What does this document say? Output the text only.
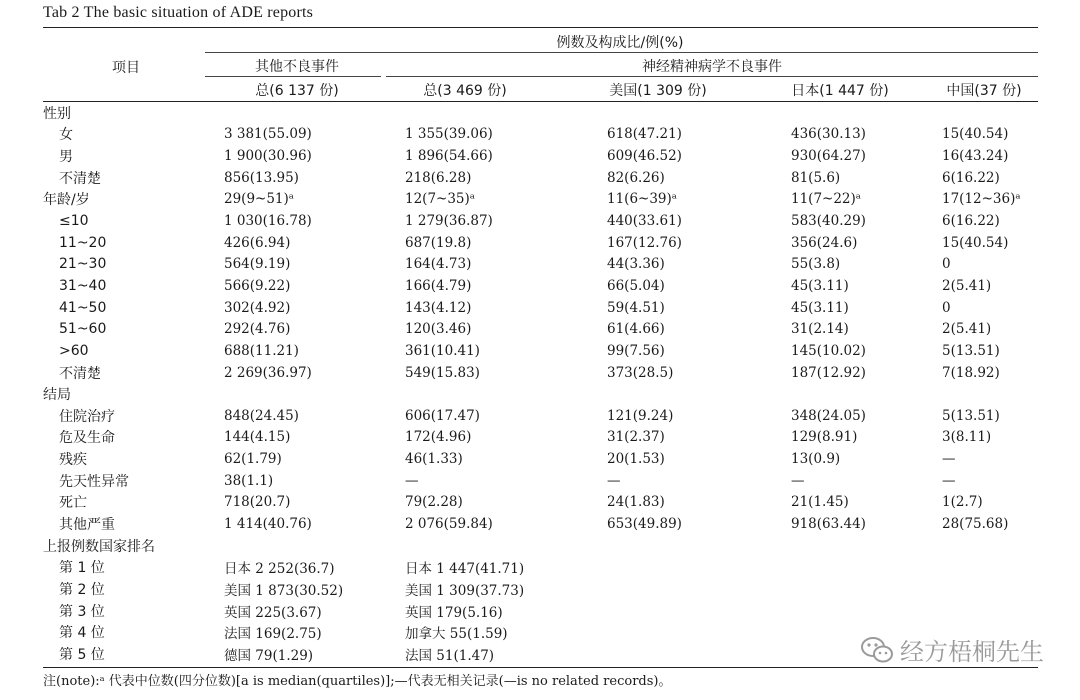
Tab 2 The basic situation of ADE reports
项目
例数及构成比/例(%)
其他不良事件	神经精神病学不良事件
总(6 137 份)	总(3 469 份)	美国(1 309 份)	日本(1 447 份)	中国(37 份)
性别					
女	3 381(55.09)	1 355(39.06)	618(47.21)	436(30.13)	15(40.54)
男	1 900(30.96)	1 896(54.66)	609(46.52)	930(64.27)	16(43.24)
不清楚	856(13.95)	218(6.28)	82(6.26)	81(5.6)	6(16.22)
年龄/岁	29(9~51)ᵃ	12(7~35)ᵃ	11(6~39)ᵃ	11(7~22)ᵃ	17(12~36)ᵃ
≤10	1 030(16.78)	1 279(36.87)	440(33.61)	583(40.29)	6(16.22)
11~20	426(6.94)	687(19.8)	167(12.76)	356(24.6)	15(40.54)
21~30	564(9.19)	164(4.73)	44(3.36)	55(3.8)	0
31~40	566(9.22)	166(4.79)	66(5.04)	45(3.11)	2(5.41)
41~50	302(4.92)	143(4.12)	59(4.51)	45(3.11)	0
51~60	292(4.76)	120(3.46)	61(4.66)	31(2.14)	2(5.41)
>60	688(11.21)	361(10.41)	99(7.56)	145(10.02)	5(13.51)
不清楚	2 269(36.97)	549(15.83)	373(28.5)	187(12.92)	7(18.92)
结局					
住院治疗	848(24.45)	606(17.47)	121(9.24)	348(24.05)	5(13.51)
危及生命	144(4.15)	172(4.96)	31(2.37)	129(8.91)	3(8.11)
残疾	62(1.79)	46(1.33)	20(1.53)	13(0.9)	—
先天性异常	38(1.1)	—	—	—	—
死亡	718(20.7)	79(2.28)	24(1.83)	21(1.45)	1(2.7)
其他严重	1 414(40.76)	2 076(59.84)	653(49.89)	918(63.44)	28(75.68)
上报例数国家排名					
第 1 位	日本 2 252(36.7)	日本 1 447(41.71)			
第 2 位	美国 1 873(30.52)	美国 1 309(37.73)			
第 3 位	英国 225(3.67)	英国 179(5.16)			
第 4 位	法国 169(2.75)	加拿大 55(1.59)			
第 5 位	德国 79(1.29)	法国 51(1.47)			
注(note):ᵃ 代表中位数(四分位数)[a is median(quartiles)];—代表无相关记录(—is no related records)。
经方梧桐先生
